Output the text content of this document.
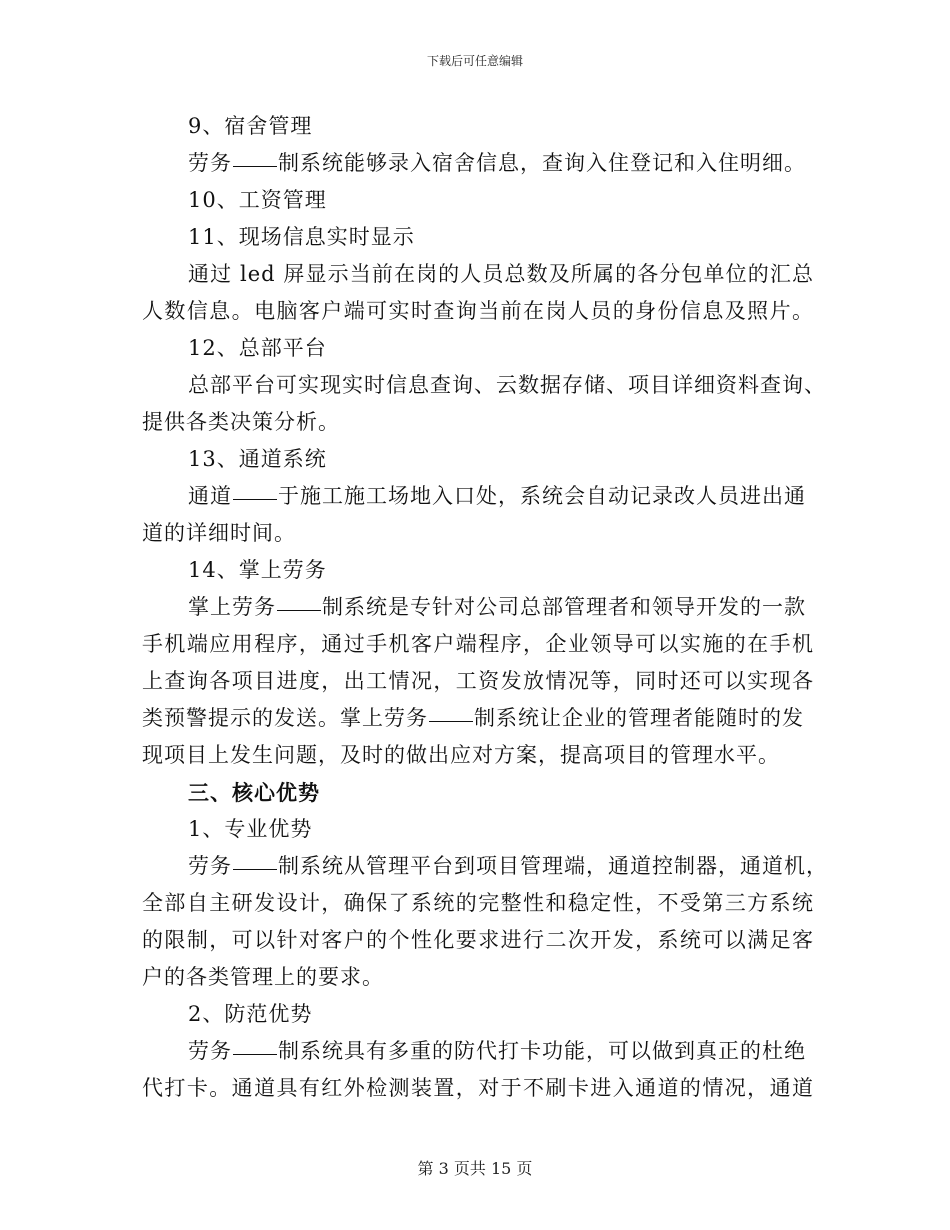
下载后可任意编辑
9、宿舍管理
劳务 制系统能够录入宿舍信息，查询入住登记和入住明细。
10、工资管理
11、现场信息实时显示
通过 led 屏显示当前在岗的人员总数及所属的各分包单位的汇总
人数信息。电脑客户端可实时查询当前在岗人员的身份信息及照片。
12、总部平台
总部平台可实现实时信息查询、云数据存储、项目详细资料查询、
提供各类决策分析。
13、通道系统
通道 于施工施工场地入口处，系统会自动记录改人员进出通
道的详细时间。
14、掌上劳务
掌上劳务 制系统是专针对公司总部管理者和领导开发的一款
手机端应用程序，通过手机客户端程序，企业领导可以实施的在手机
上查询各项目进度，出工情况，工资发放情况等，同时还可以实现各
类预警提示的发送。掌上劳务 制系统让企业的管理者能随时的发
现项目上发生问题，及时的做出应对方案，提高项目的管理水平。
三、核心优势
1、专业优势
劳务 制系统从管理平台到项目管理端，通道控制器，通道机，
全部自主研发设计，确保了系统的完整性和稳定性，不受第三方系统
的限制，可以针对客户的个性化要求进行二次开发，系统可以满足客
户的各类管理上的要求。
2、防范优势
劳务 制系统具有多重的防代打卡功能，可以做到真正的杜绝
代打卡。通道具有红外检测装置，对于不刷卡进入通道的情况，通道
第 3 页共 15 页
